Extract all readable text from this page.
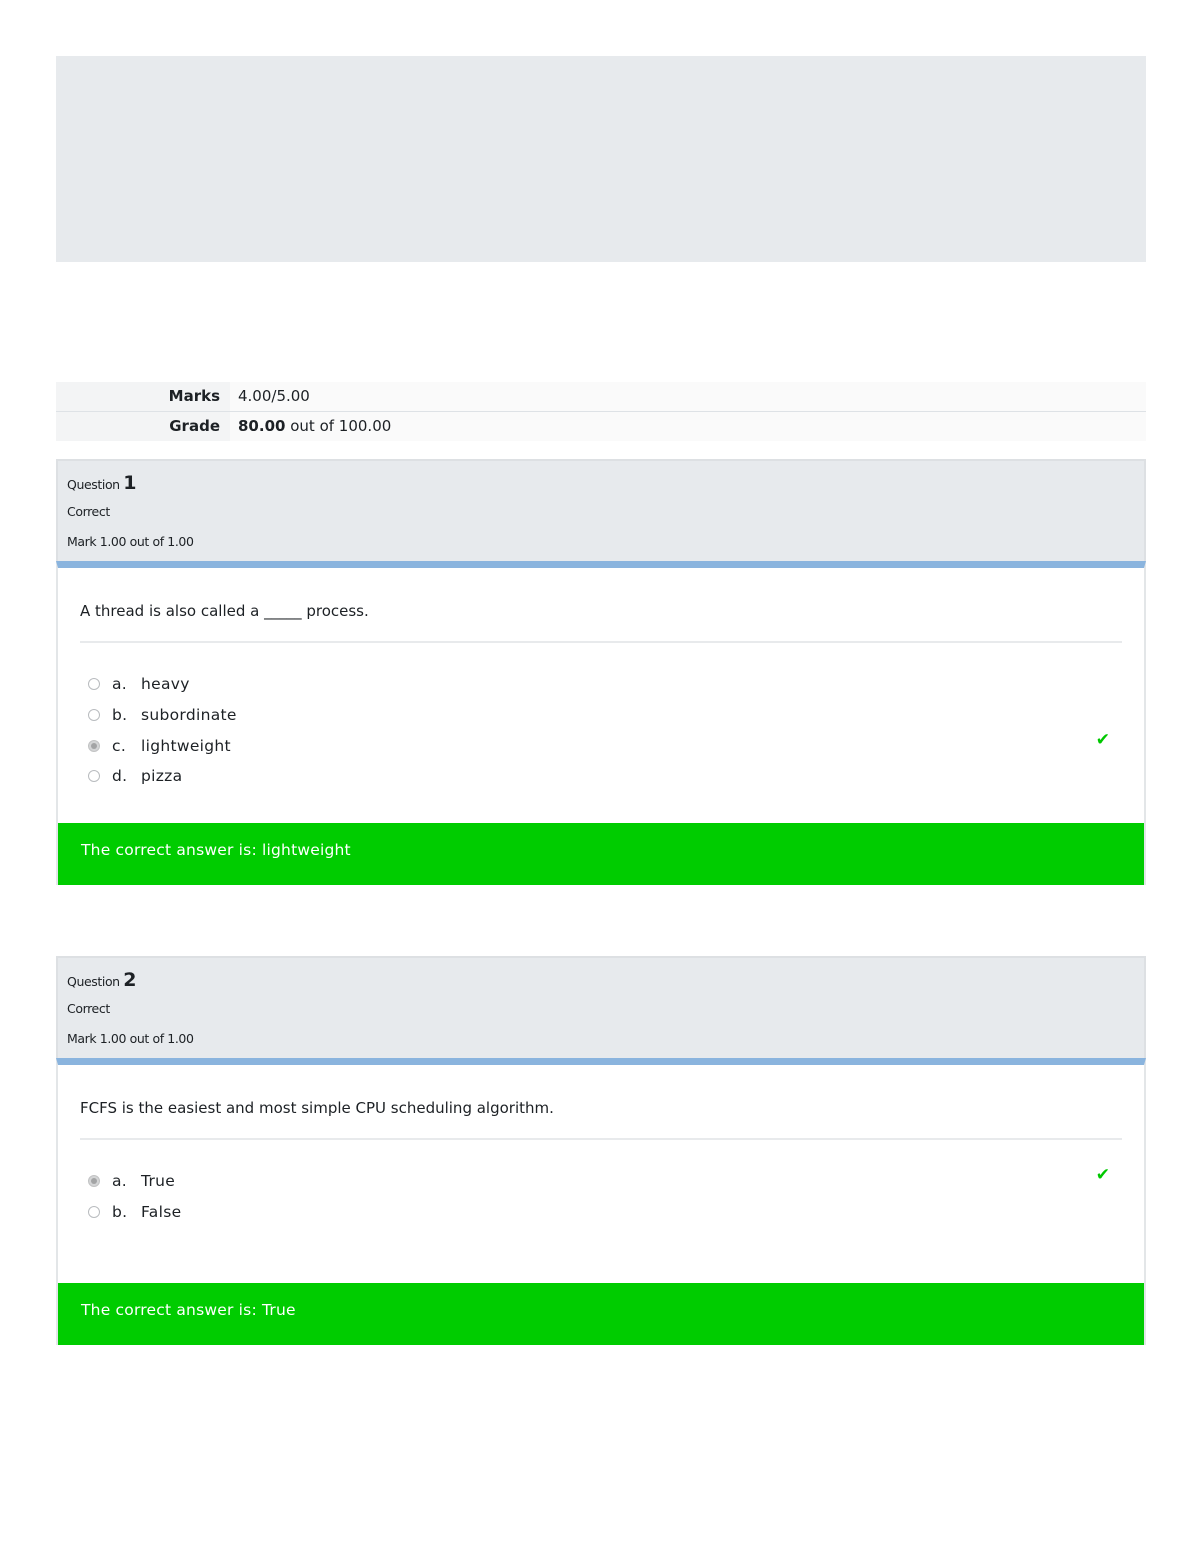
Marks	4.00/5.00
Grade	80.00 out of 100.00
Question 1
Correct
Mark 1.00 out of 1.00
A thread is also called a _____ process.
a. heavy
b. subordinate
c. lightweight
d. pizza
✔
The correct answer is: lightweight
Question 2
Correct
Mark 1.00 out of 1.00
FCFS is the easiest and most simple CPU scheduling algorithm.
a. True
b. False
✔
The correct answer is: True
